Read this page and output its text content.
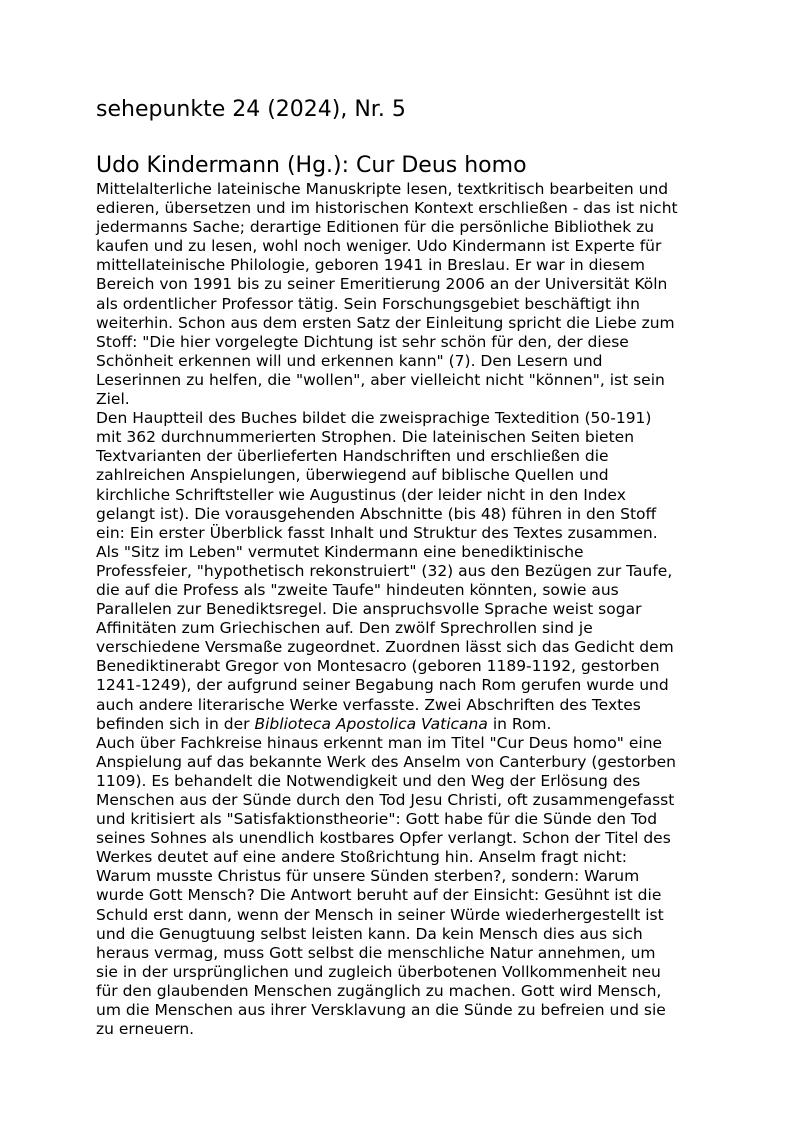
sehepunkte 24 (2024), Nr. 5
Udo Kindermann (Hg.): Cur Deus homo

Mittelalterliche lateinische Manuskripte lesen, textkritisch bearbeiten und
edieren, übersetzen und im historischen Kontext erschließen - das ist nicht
jedermanns Sache; derartige Editionen für die persönliche Bibliothek zu
kaufen und zu lesen, wohl noch weniger. Udo Kindermann ist Experte für
mittellateinische Philologie, geboren 1941 in Breslau. Er war in diesem
Bereich von 1991 bis zu seiner Emeritierung 2006 an der Universität Köln
als ordentlicher Professor tätig. Sein Forschungsgebiet beschäftigt ihn
weiterhin. Schon aus dem ersten Satz der Einleitung spricht die Liebe zum
Stoff: "Die hier vorgelegte Dichtung ist sehr schön für den, der diese
Schönheit erkennen will und erkennen kann" (7). Den Lesern und
Leserinnen zu helfen, die "wollen", aber vielleicht nicht "können", ist sein
Ziel.

Den Hauptteil des Buches bildet die zweisprachige Textedition (50-191)
mit 362 durchnummerierten Strophen. Die lateinischen Seiten bieten
Textvarianten der überlieferten Handschriften und erschließen die
zahlreichen Anspielungen, überwiegend auf biblische Quellen und
kirchliche Schriftsteller wie Augustinus (der leider nicht in den Index
gelangt ist). Die vorausgehenden Abschnitte (bis 48) führen in den Stoff
ein: Ein erster Überblick fasst Inhalt und Struktur des Textes zusammen.
Als "Sitz im Leben" vermutet Kindermann eine benediktinische
Professfeier, "hypothetisch rekonstruiert" (32) aus den Bezügen zur Taufe,
die auf die Profess als "zweite Taufe" hindeuten könnten, sowie aus
Parallelen zur Benediktsregel. Die anspruchsvolle Sprache weist sogar
Affinitäten zum Griechischen auf. Den zwölf Sprechrollen sind je
verschiedene Versmaße zugeordnet. Zuordnen lässt sich das Gedicht dem
Benediktinerabt Gregor von Montesacro (geboren 1189-1192, gestorben
1241-1249), der aufgrund seiner Begabung nach Rom gerufen wurde und
auch andere literarische Werke verfasste. Zwei Abschriften des Textes
befinden sich in der Biblioteca Apostolica Vaticana in Rom.

Auch über Fachkreise hinaus erkennt man im Titel "Cur Deus homo" eine
Anspielung auf das bekannte Werk des Anselm von Canterbury (gestorben
1109). Es behandelt die Notwendigkeit und den Weg der Erlösung des
Menschen aus der Sünde durch den Tod Jesu Christi, oft zusammengefasst
und kritisiert als "Satisfaktionstheorie": Gott habe für die Sünde den Tod
seines Sohnes als unendlich kostbares Opfer verlangt. Schon der Titel des
Werkes deutet auf eine andere Stoßrichtung hin. Anselm fragt nicht:
Warum musste Christus für unsere Sünden sterben?, sondern: Warum
wurde Gott Mensch? Die Antwort beruht auf der Einsicht: Gesühnt ist die
Schuld erst dann, wenn der Mensch in seiner Würde wiederhergestellt ist
und die Genugtuung selbst leisten kann. Da kein Mensch dies aus sich
heraus vermag, muss Gott selbst die menschliche Natur annehmen, um
sie in der ursprünglichen und zugleich überbotenen Vollkommenheit neu
für den glaubenden Menschen zugänglich zu machen. Gott wird Mensch,
um die Menschen aus ihrer Versklavung an die Sünde zu befreien und sie
zu erneuern.
